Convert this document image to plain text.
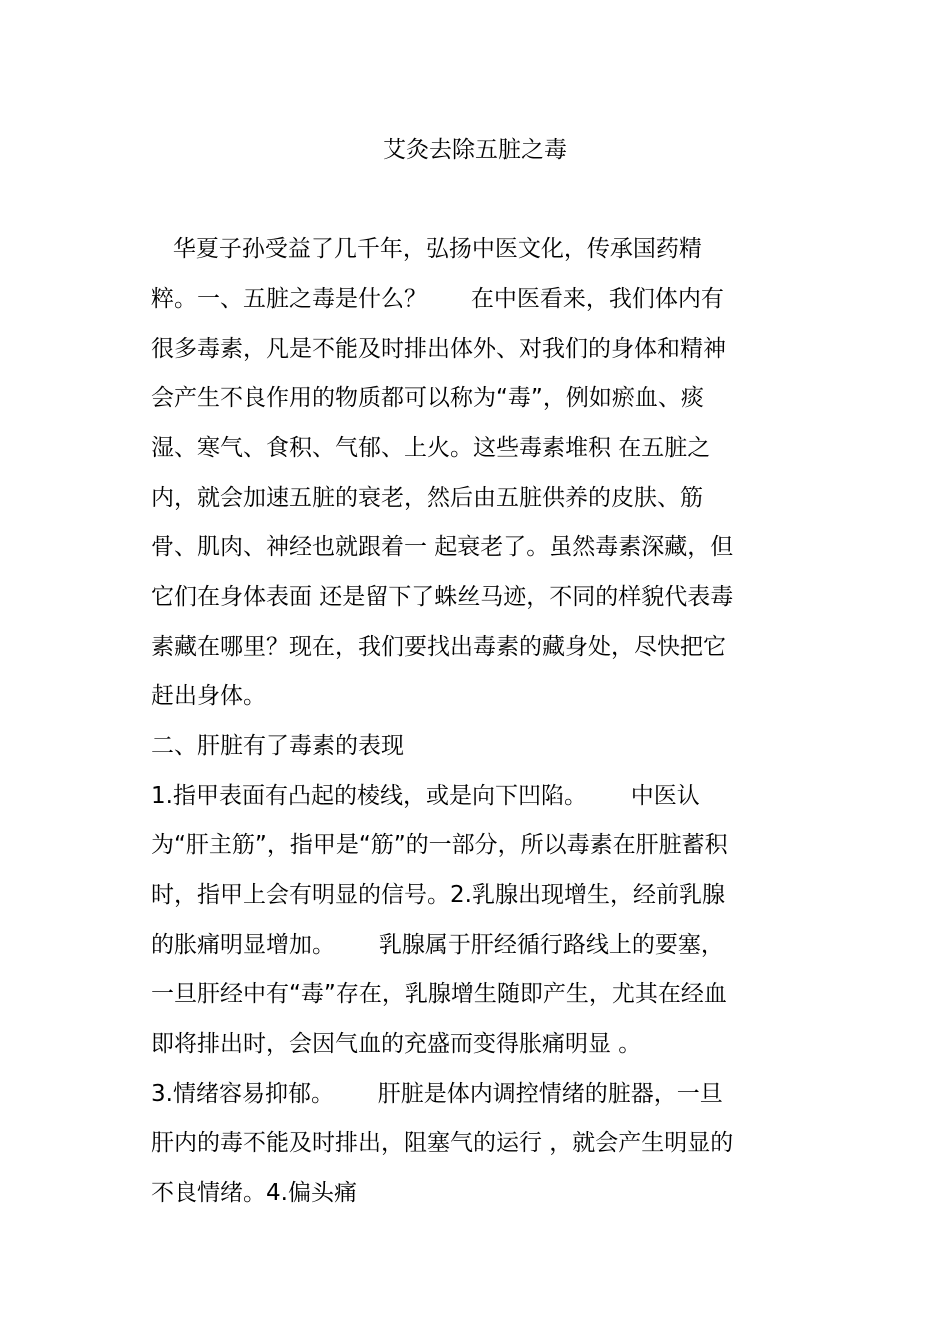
艾灸去除五脏之毒
华夏子孙受益了几千年，弘扬中医文化，传承国药精
粹。一、五脏之毒是什么？      在中医看来，我们体内有
很多毒素，凡是不能及时排出体外、对我们的身体和精神
会产生不良作用的物质都可以称为“毒”，例如瘀血、痰
湿、寒气、食积、气郁、上火。这些毒素堆积 在五脏之
内，就会加速五脏的衰老，然后由五脏供养的皮肤、筋
骨、肌肉、神经也就跟着一 起衰老了。虽然毒素深藏，但
它们在身体表面 还是留下了蛛丝马迹，不同的样貌代表毒
素藏在哪里？现在，我们要找出毒素的藏身处，尽快把它
赶出身体。
二、肝脏有了毒素的表现
1.指甲表面有凸起的棱线，或是向下凹陷。      中医认
为“肝主筋”，指甲是“筋”的一部分，所以毒素在肝脏蓄积
时，指甲上会有明显的信号。2.乳腺出现增生，经前乳腺
的胀痛明显增加。      乳腺属于肝经循行路线上的要塞，
一旦肝经中有“毒”存在，乳腺增生随即产生，尤其在经血
即将排出时，会因气血的充盛而变得胀痛明显 。
3.情绪容易抑郁。      肝脏是体内调控情绪的脏器，一旦
肝内的毒不能及时排出，阻塞气的运行 ，就会产生明显的
不良情绪。4.偏头痛
